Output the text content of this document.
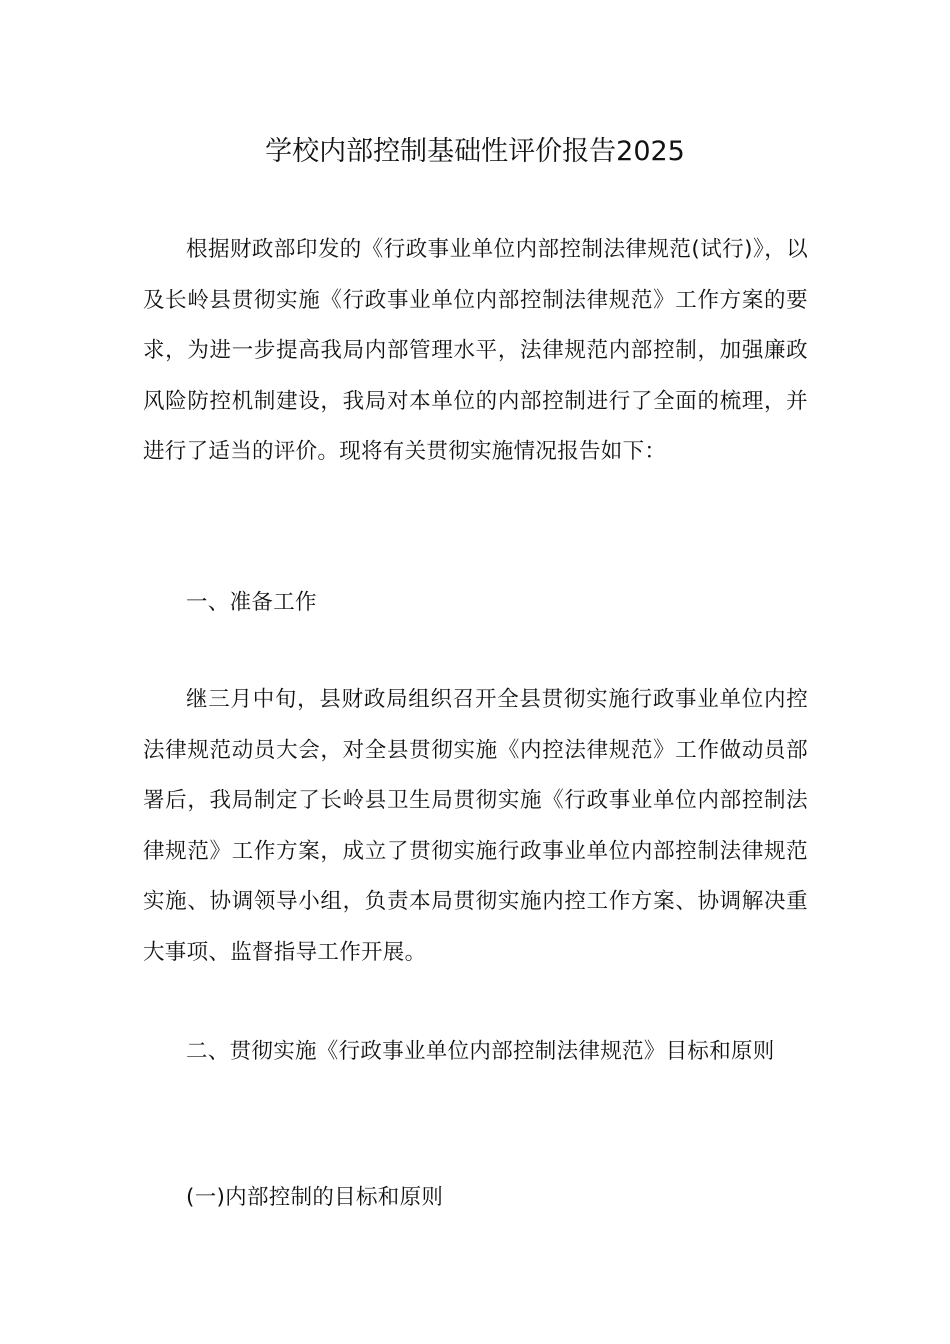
学校内部控制基础性评价报告2025
根据财政部印发的《行政事业单位内部控制法律规范(试行)》，以及长岭县贯彻实施《行政事业单位内部控制法律规范》工作方案的要求，为进一步提高我局内部管理水平，法律规范内部控制，加强廉政风险防控机制建设，我局对本单位的内部控制进行了全面的梳理，并进行了适当的评价。现将有关贯彻实施情况报告如下：
一、准备工作
继三月中旬，县财政局组织召开全县贯彻实施行政事业单位内控法律规范动员大会，对全县贯彻实施《内控法律规范》工作做动员部署后，我局制定了长岭县卫生局贯彻实施《行政事业单位内部控制法律规范》工作方案，成立了贯彻实施行政事业单位内部控制法律规范实施、协调领导小组，负责本局贯彻实施内控工作方案、协调解决重大事项、监督指导工作开展。
二、贯彻实施《行政事业单位内部控制法律规范》目标和原则
(一)内部控制的目标和原则
